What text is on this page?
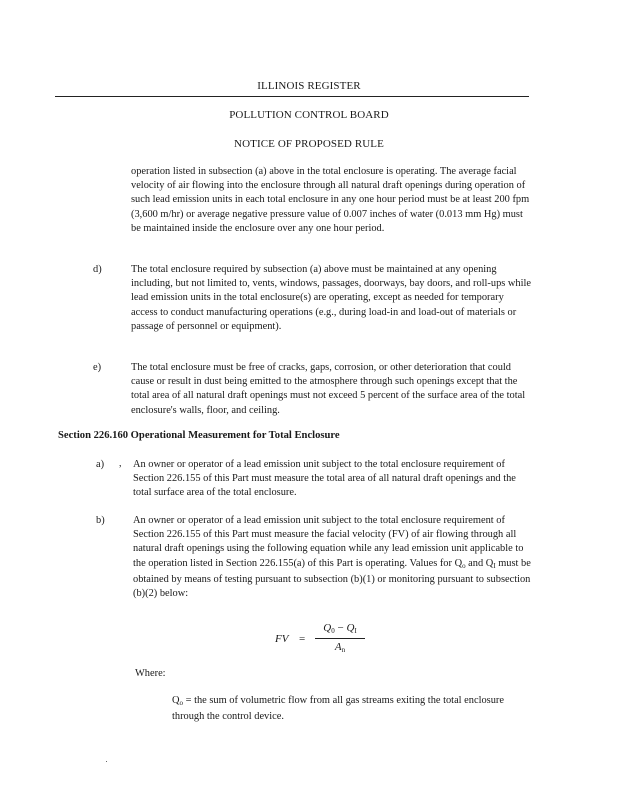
ILLINOIS REGISTER
POLLUTION CONTROL BOARD
NOTICE OF PROPOSED RULE

operation listed in subsection (a) above in the total enclosure is operating. The average facial velocity of air flowing into the enclosure through all natural draft openings during operation of such lead emission units in each total enclosure in any one hour period must be at least 200 fpm (3,600 m/hr) or average negative pressure value of 0.007 inches of water (0.013 mm Hg) must be maintained inside the enclosure over any one hour period.

d)	The total enclosure required by subsection (a) above must be maintained at any opening including, but not limited to, vents, windows, passages, doorways, bay doors, and roll-ups while lead emission units in the total enclosure(s) are operating, except as needed for temporary access to conduct manufacturing operations (e.g., during load-in and load-out of materials or passage of personnel or equipment).

e)	The total enclosure must be free of cracks, gaps, corrosion, or other deterioration that could cause or result in dust being emitted to the atmosphere through such openings except that the total area of all natural draft openings must not exceed 5 percent of the surface area of the total enclosure's walls, floor, and ceiling.

Section 226.160 Operational Measurement for Total Enclosure
a) , An owner or operator of a lead emission unit subject to the total enclosure requirement of Section 226.155 of this Part must measure the total area of all natural draft openings and the total surface area of the total enclosure.

b)	An owner or operator of a lead emission unit subject to the total enclosure requirement of Section 226.155 of this Part must measure the facial velocity (FV) of air flowing through all natural draft openings using the following equation while any lead emission unit applicable to the operation listed in Section 226.155(a) of this Part is operating. Values for $Q_o$ and $Q_I$ must be obtained by means of testing pursuant to subsection (b)(1) or monitoring pursuant to subsection (b)(2) below:

FV =
$Q_0 - Q_I$
$A_n$
Where:

$Q_o$ = the sum of volumetric flow from all gas streams exiting the total enclosure through the control device.
